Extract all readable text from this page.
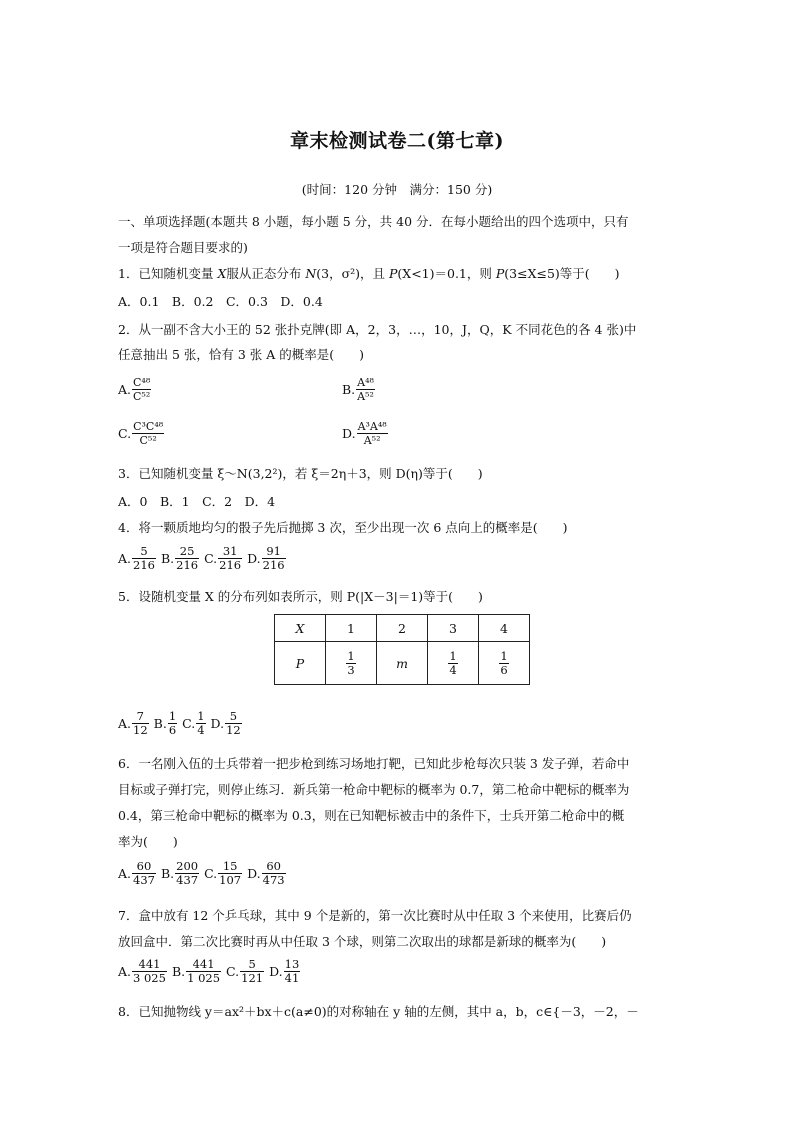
章末检测试卷二(第七章)
(时间：120 分钟　满分：150 分)
一、单项选择题(本题共 8 小题，每小题 5 分，共 40 分．在每小题给出的四个选项中，只有
一项是符合题目要求的)
1．已知随机变量 X服从正态分布 N(3，σ²)，且 P(X<1)＝0.1，则 P(3≤X≤5)等于(　　)
A．0.1　B．0.2　C．0.3　D．0.4
2．从一副不含大小王的 52 张扑克牌(即 A，2，3，…，10，J，Q，K 不同花色的各 4 张)中
任意抽出 5 张，恰有 3 张 A 的概率是(　　)
A. $\frac{\text{C⁴⁸}}{\text{C⁵²}}$	B. $\frac{\text{A⁴⁸}}{\text{A⁵²}}$
C. $\frac{\text{C³C⁴⁸}}{\text{C⁵²}}$	D. $\frac{\text{A³A⁴⁸}}{\text{A⁵²}}$
3．已知随机变量 ξ～N(3,2²)，若 ξ＝2η＋3，则 D(η)等于(　　)
A．0　B．1　C．2　D．4
4．将一颗质地均匀的骰子先后抛掷 3 次，至少出现一次 6 点向上的概率是(　　)
A. $\frac{5}{216} B$. $\frac{25}{216} C$. $\frac{31}{216} D$. $\frac{91}{216}$
5．设随机变量 X 的分布列如表所示，则 P(|X－3|＝1)等于(　　)
X	1	2	3	4
P	$\frac{1}{3}$	m	$\frac{1}{4}$	$\frac{1}{6}$
A. $\frac{7}{12} B$. $\frac{1}{6} C$. $\frac{1}{4} D$. $\frac{5}{12}$
6．一名刚入伍的士兵带着一把步枪到练习场地打靶，已知此步枪每次只装 3 发子弹，若命中
目标或子弹打完，则停止练习．新兵第一枪命中靶标的概率为 0.7，第二枪命中靶标的概率为
0.4，第三枪命中靶标的概率为 0.3，则在已知靶标被击中的条件下，士兵开第二枪命中的概
率为(　　)
A. $\frac{60}{437} B$. $\frac{200}{437} C$. $\frac{15}{107} D$. $\frac{60}{473}$
7．盒中放有 12 个乒乓球，其中 9 个是新的，第一次比赛时从中任取 3 个来使用，比赛后仍
放回盒中．第二次比赛时再从中任取 3 个球，则第二次取出的球都是新球的概率为(　　)
A. $\frac{441}{3 025} B$. $\frac{441}{1 025} C$. $\frac{5}{121} D$. $\frac{13}{41}$
8．已知抛物线 y＝ax²＋bx＋c(a≠0)的对称轴在 y 轴的左侧，其中 a，b，c∈{－3，－2，－
